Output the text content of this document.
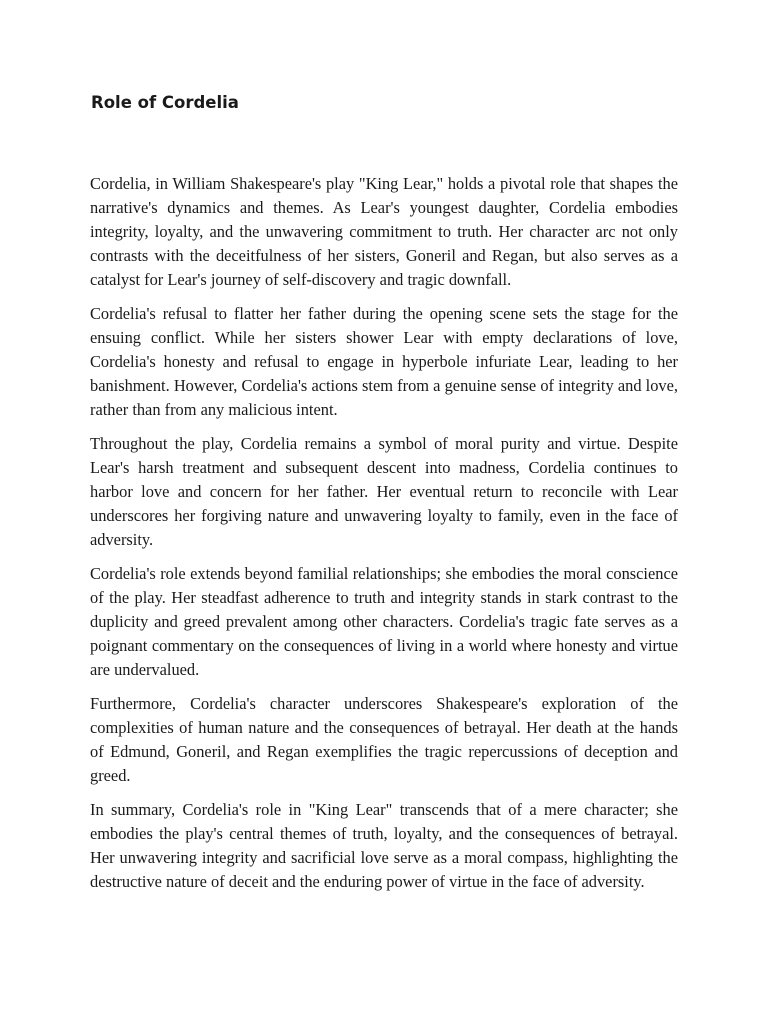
Role of Cordelia

Cordelia, in William Shakespeare's play "King Lear," holds a pivotal role that shapes the narrative's dynamics and themes. As Lear's youngest daughter, Cordelia embodies integrity, loyalty, and the unwavering commitment to truth. Her character arc not only contrasts with the deceitfulness of her sisters, Goneril and Regan, but also serves as a catalyst for Lear's journey of self-discovery and tragic downfall.

Cordelia's refusal to flatter her father during the opening scene sets the stage for the ensuing conflict. While her sisters shower Lear with empty declarations of love, Cordelia's honesty and refusal to engage in hyperbole infuriate Lear, leading to her banishment. However, Cordelia's actions stem from a genuine sense of integrity and love, rather than from any malicious intent.

Throughout the play, Cordelia remains a symbol of moral purity and virtue. Despite Lear's harsh treatment and subsequent descent into madness, Cordelia continues to harbor love and concern for her father. Her eventual return to reconcile with Lear underscores her forgiving nature and unwavering loyalty to family, even in the face of adversity.

Cordelia's role extends beyond familial relationships; she embodies the moral conscience of the play. Her steadfast adherence to truth and integrity stands in stark contrast to the duplicity and greed prevalent among other characters. Cordelia's tragic fate serves as a poignant commentary on the consequences of living in a world where honesty and virtue are undervalued.

Furthermore, Cordelia's character underscores Shakespeare's exploration of the complexities of human nature and the consequences of betrayal. Her death at the hands of Edmund, Goneril, and Regan exemplifies the tragic repercussions of deception and greed.

In summary, Cordelia's role in "King Lear" transcends that of a mere character; she embodies the play's central themes of truth, loyalty, and the consequences of betrayal. Her unwavering integrity and sacrificial love serve as a moral compass, highlighting the destructive nature of deceit and the enduring power of virtue in the face of adversity.
